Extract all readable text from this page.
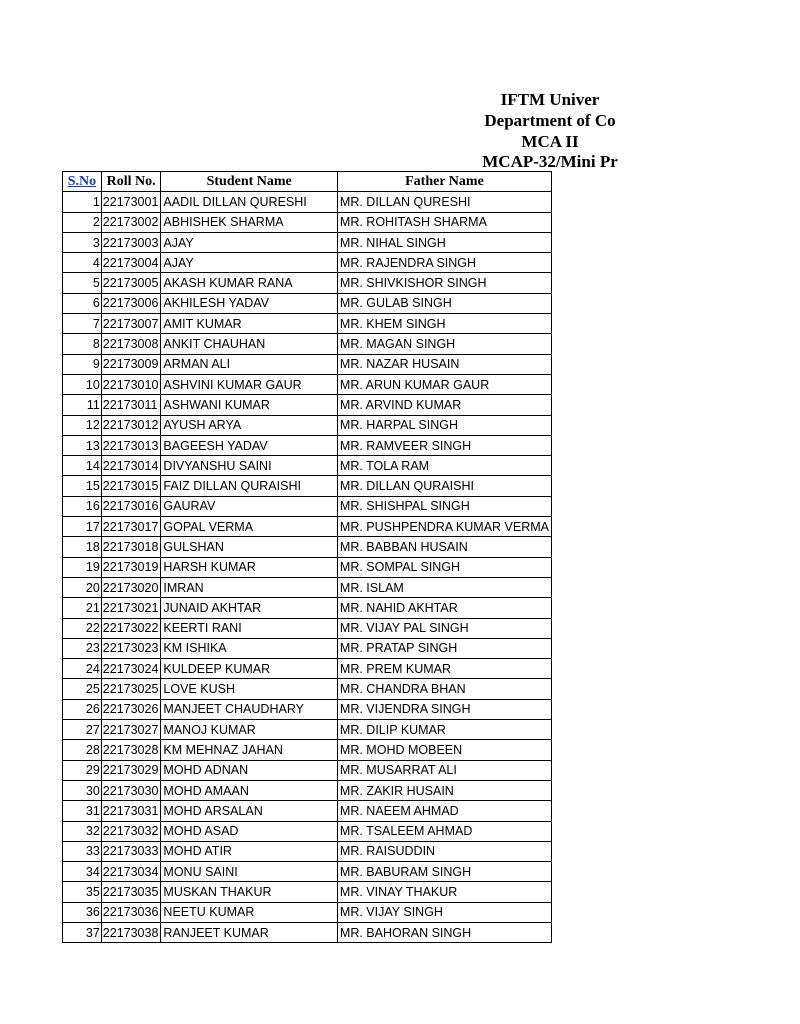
IFTM Univer
Department of Co
MCA II
MCAP-32/Mini Pr
S.No	Roll No.	Student Name	Father Name
1	22173001	AADIL DILLAN QURESHI	MR. DILLAN QURESHI
2	22173002	ABHISHEK SHARMA	MR. ROHITASH SHARMA
3	22173003	AJAY	MR. NIHAL SINGH
4	22173004	AJAY	MR. RAJENDRA SINGH
5	22173005	AKASH KUMAR RANA	MR. SHIVKISHOR SINGH
6	22173006	AKHILESH YADAV	MR. GULAB SINGH
7	22173007	AMIT KUMAR	MR. KHEM SINGH
8	22173008	ANKIT CHAUHAN	MR. MAGAN SINGH
9	22173009	ARMAN ALI	MR. NAZAR HUSAIN
10	22173010	ASHVINI KUMAR GAUR	MR. ARUN KUMAR GAUR
11	22173011	ASHWANI KUMAR	MR. ARVIND KUMAR
12	22173012	AYUSH ARYA	MR. HARPAL SINGH
13	22173013	BAGEESH YADAV	MR. RAMVEER SINGH
14	22173014	DIVYANSHU SAINI	MR. TOLA RAM
15	22173015	FAIZ DILLAN QURAISHI	MR. DILLAN QURAISHI
16	22173016	GAURAV	MR. SHISHPAL SINGH
17	22173017	GOPAL VERMA	MR. PUSHPENDRA KUMAR VERMA
18	22173018	GULSHAN	MR. BABBAN HUSAIN
19	22173019	HARSH KUMAR	MR. SOMPAL SINGH
20	22173020	IMRAN	MR. ISLAM
21	22173021	JUNAID AKHTAR	MR. NAHID AKHTAR
22	22173022	KEERTI RANI	MR. VIJAY PAL SINGH
23	22173023	KM ISHIKA	MR. PRATAP SINGH
24	22173024	KULDEEP KUMAR	MR. PREM KUMAR
25	22173025	LOVE KUSH	MR. CHANDRA BHAN
26	22173026	MANJEET CHAUDHARY	MR. VIJENDRA SINGH
27	22173027	MANOJ KUMAR	MR. DILIP KUMAR
28	22173028	KM MEHNAZ JAHAN	MR. MOHD MOBEEN
29	22173029	MOHD ADNAN	MR. MUSARRAT ALI
30	22173030	MOHD AMAAN	MR. ZAKIR HUSAIN
31	22173031	MOHD ARSALAN	MR. NAEEM AHMAD
32	22173032	MOHD ASAD	MR. TSALEEM AHMAD
33	22173033	MOHD ATIR	MR. RAISUDDIN
34	22173034	MONU SAINI	MR. BABURAM SINGH
35	22173035	MUSKAN THAKUR	MR. VINAY THAKUR
36	22173036	NEETU KUMAR	MR. VIJAY SINGH
37	22173038	RANJEET KUMAR	MR. BAHORAN SINGH
